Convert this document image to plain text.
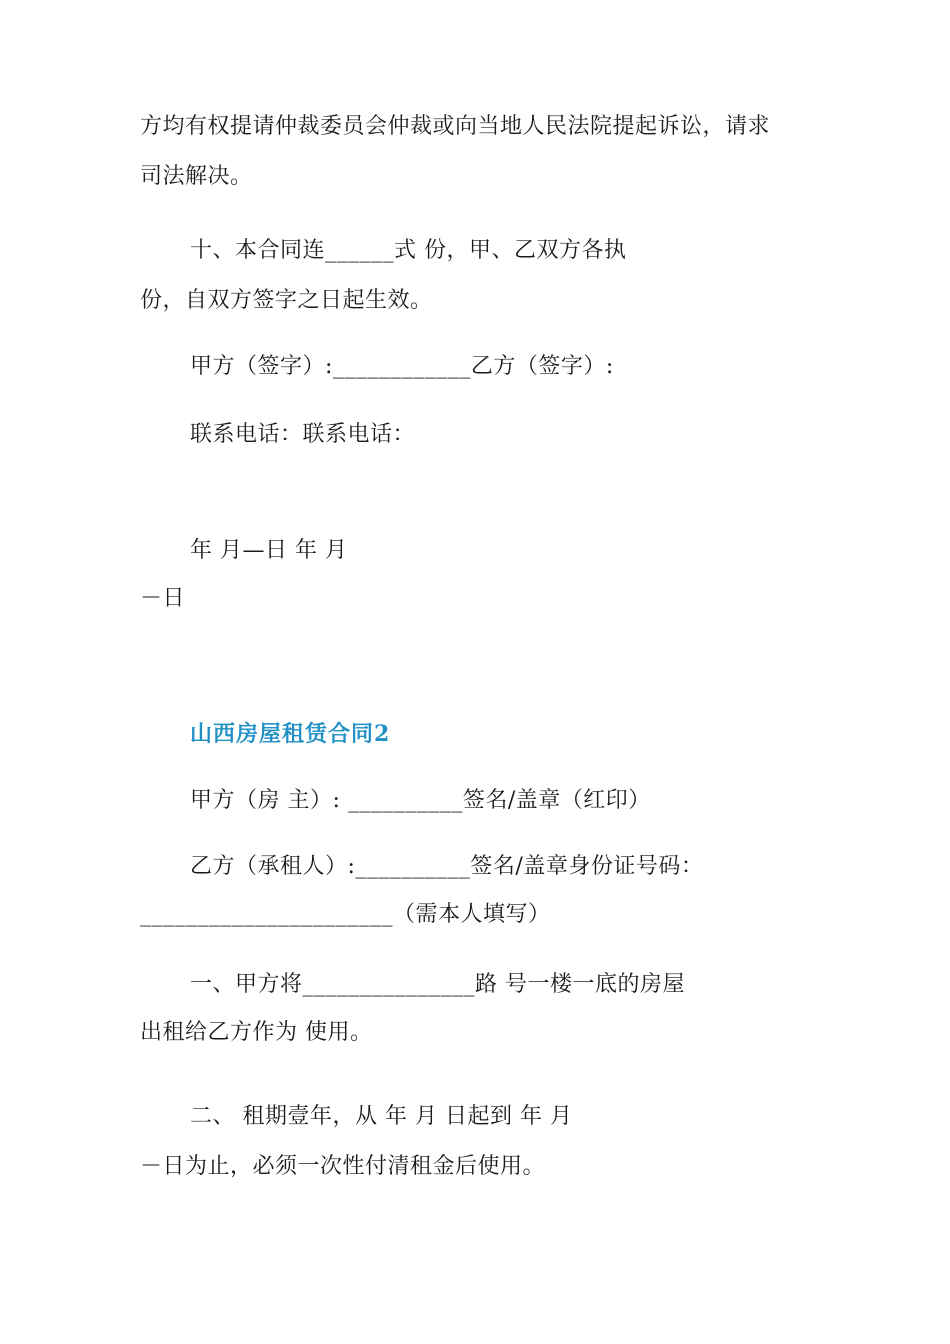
方均有权提请仲裁委员会仲裁或向当地人民法院提起诉讼，请求
司法解决。
十、本合同连______式 份，甲、乙双方各执
份，自双方签字之日起生效。
甲方（签字）:____________乙方（签字）:
联系电话：联系电话：
年 月—日 年 月
－日
山西房屋租赁合同2
甲方（房 主）: __________签名/盖章（红印）
乙方（承租人）:__________签名/盖章身份证号码：
______________________（需本人填写）
一、甲方将_______________路 号一楼一底的房屋
出租给乙方作为 使用。
二、 租期壹年，从 年 月 日起到 年 月
－日为止，必须一次性付清租金后使用。
